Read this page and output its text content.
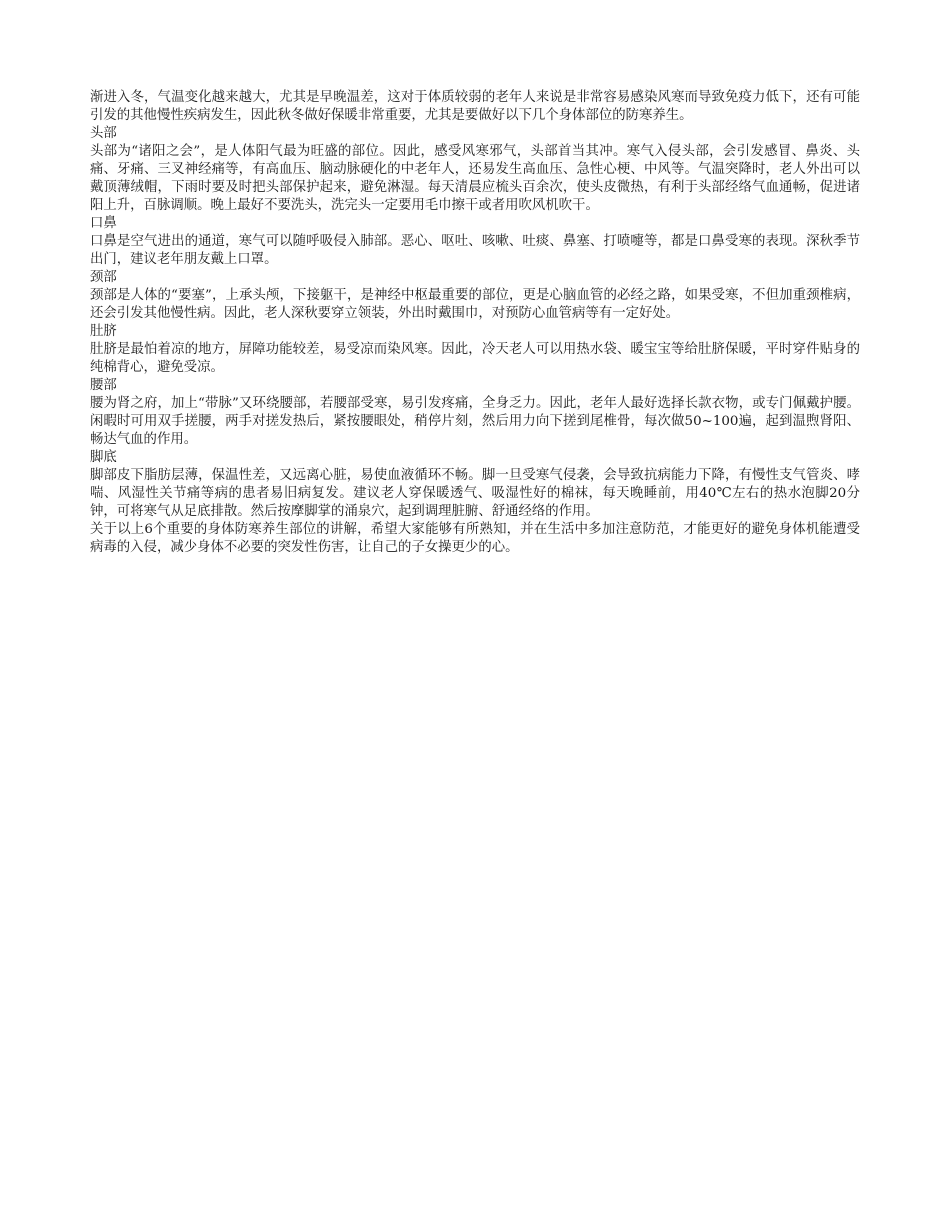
渐进入冬，气温变化越来越大，尤其是早晚温差，这对于体质较弱的老年人来说是非常容易感染风寒而导致免疫力低下，还有可能引发的其他慢性疾病发生，因此秋冬做好保暖非常重要，尤其是要做好以下几个身体部位的防寒养生。

头部

头部为“诸阳之会”，是人体阳气最为旺盛的部位。因此，感受风寒邪气，头部首当其冲。寒气入侵头部，会引发感冒、鼻炎、头痛、牙痛、三叉神经痛等，有高血压、脑动脉硬化的中老年人，还易发生高血压、急性心梗、中风等。气温突降时，老人外出可以戴顶薄绒帽，下雨时要及时把头部保护起来，避免淋湿。每天清晨应梳头百余次，使头皮微热，有利于头部经络气血通畅，促进诸阳上升，百脉调顺。晚上最好不要洗头，洗完头一定要用毛巾擦干或者用吹风机吹干。

口鼻

口鼻是空气进出的通道，寒气可以随呼吸侵入肺部。恶心、呕吐、咳嗽、吐痰、鼻塞、打喷嚏等，都是口鼻受寒的表现。深秋季节出门，建议老年朋友戴上口罩。

颈部

颈部是人体的“要塞”，上承头颅，下接躯干，是神经中枢最重要的部位，更是心脑血管的必经之路，如果受寒，不但加重颈椎病，还会引发其他慢性病。因此，老人深秋要穿立领装，外出时戴围巾，对预防心血管病等有一定好处。

肚脐

肚脐是最怕着凉的地方，屏障功能较差，易受凉而染风寒。因此，冷天老人可以用热水袋、暖宝宝等给肚脐保暖，平时穿件贴身的纯棉背心，避免受凉。

腰部

腰为肾之府，加上“带脉”又环绕腰部，若腰部受寒，易引发疼痛，全身乏力。因此，老年人最好选择长款衣物，或专门佩戴护腰。闲暇时可用双手搓腰，两手对搓发热后，紧按腰眼处，稍停片刻，然后用力向下搓到尾椎骨，每次做50~100遍，起到温煦肾阳、畅达气血的作用。

脚底

脚部皮下脂肪层薄，保温性差，又远离心脏，易使血液循环不畅。脚一旦受寒气侵袭，会导致抗病能力下降，有慢性支气管炎、哮喘、风湿性关节痛等病的患者易旧病复发。建议老人穿保暖透气、吸湿性好的棉袜，每天晚睡前，用40℃左右的热水泡脚20分钟，可将寒气从足底排散。然后按摩脚掌的涌泉穴，起到调理脏腑、舒通经络的作用。

关于以上6个重要的身体防寒养生部位的讲解，希望大家能够有所熟知，并在生活中多加注意防范，才能更好的避免身体机能遭受病毒的入侵，减少身体不必要的突发性伤害，让自己的子女操更少的心。
